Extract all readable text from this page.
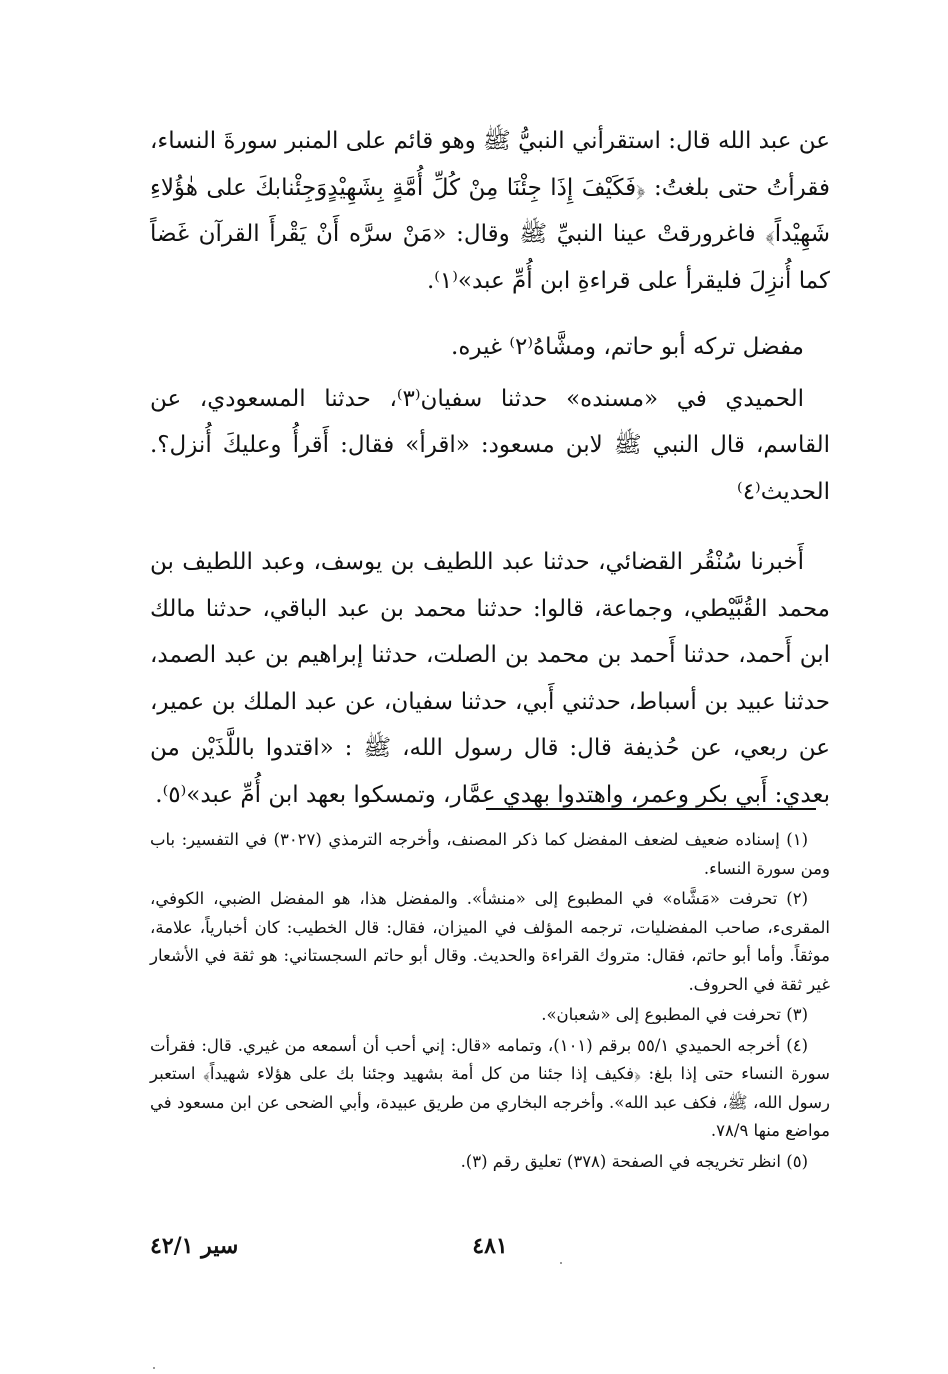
عن عبد الله قال: استقرأني النبيُّ ﷺ وهو قائم على المنبر سورةَ النساء، فقرأتُ حتى بلغتُ: ﴿فَكَيْفَ إِذَا جِئْنَا مِنْ كُلِّ أُمَّةٍ بِشَهِيْدٍوَجِئْنابكَ على هٰؤُلاءِ شَهِيْداً﴾ فاغرورقتْ عينا النبيِّ ﷺ وقال: «مَنْ سرَّه أَنْ يَقْرأَ القرآن غَضاً كما أُنزِلَ فليقرأ على قراءةِ ابن أُمِّ عبد»⁽١⁾.

مفضل تركه أبو حاتم، ومشَّاهُ⁽٢⁾ غيره.

الحميدي في «مسنده» حدثنا سفيان⁽٣⁾، حدثنا المسعودي، عن القاسم، قال النبي ﷺ لابن مسعود: «اقرأ» فقال: أَقرأُ وعليكَ أُنزل؟. الحديث⁽٤⁾

أَخبرنا سُنْقُر القضائي، حدثنا عبد اللطيف بن يوسف، وعبد اللطيف بن محمد القُبَّيْطي، وجماعة، قالوا: حدثنا محمد بن عبد الباقي، حدثنا مالك ابن أَحمد، حدثنا أَحمد بن محمد بن الصلت، حدثنا إبراهيم بن عبد الصمد، حدثنا عبيد بن أسباط، حدثني أَبي، حدثنا سفيان، عن عبد الملك بن عمير، عن ربعي، عن حُذيفة قال: قال رسول الله، ﷺ : «اقتدوا باللَّذَيْن من بعدي: أَبي بكر وعمر، واهتدوا بهدي عمَّار، وتمسكوا بعهد ابن أُمِّ عبد»⁽٥⁾.

(١) إسناده ضعيف لضعف المفضل كما ذكر المصنف، وأخرجه الترمذي (٣٠٢٧) في التفسير: باب ومن سورة النساء.

(٢) تحرفت «مَشَّاه» في المطبوع إلى «منشأ». والمفضل هذا، هو المفضل الضبي، الكوفي، المقرىء، صاحب المفضليات، ترجمه المؤلف في الميزان، فقال: قال الخطيب: كان أخبارياً، علامة، موثقاً. وأما أبو حاتم، فقال: متروك القراءة والحديث. وقال أبو حاتم السجستاني: هو ثقة في الأشعار غير ثقة في الحروف.

(٣) تحرفت في المطبوع إلى «شعبان».

(٤) أخرجه الحميدي ٥٥/١ برقم (١٠١)، وتمامه «قال: إني أحب أن أسمعه من غيري. قال: فقرأت سورة النساء حتى إذا بلغ: ﴿فكيف إذا جئنا من كل أمة بشهيد وجئنا بك على هؤلاء شهيداً﴾ استعبر رسول الله، ﷺ، فكف عبد الله». وأخرجه البخاري من طريق عبيدة، وأبي الضحى عن ابن مسعود في مواضع منها ٧٨/٩.

(٥) انظر تخريجه في الصفحة (٣٧٨) تعليق رقم (٣).

٤٨١
سير ٤٢/١
